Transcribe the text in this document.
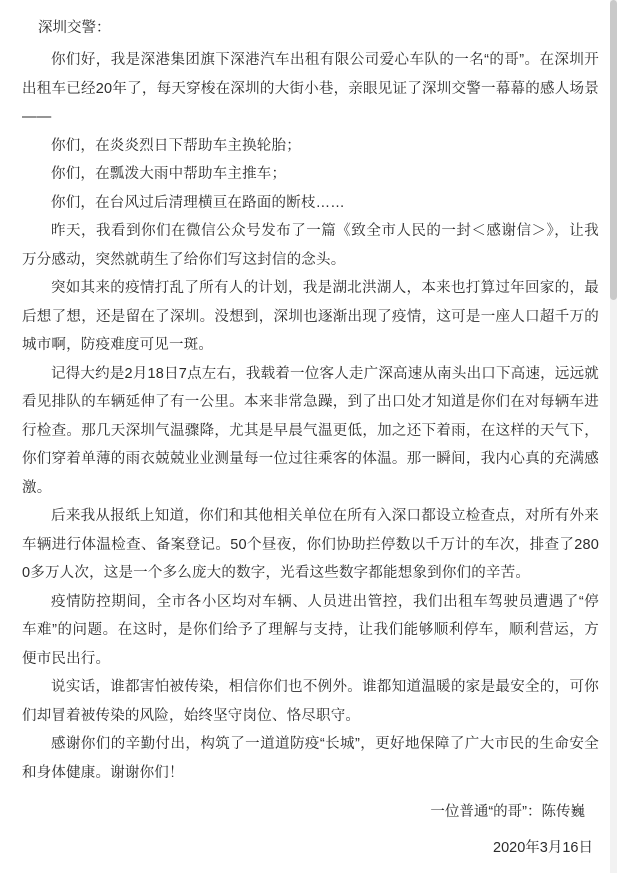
深圳交警：

你们好，我是深港集团旗下深港汽车出租有限公司爱心车队的一名“的哥”。在深圳开出租车已经20年了，每天穿梭在深圳的大街小巷，亲眼见证了深圳交警一幕幕的感人场景——

你们，在炎炎烈日下帮助车主换轮胎；

你们，在瓢泼大雨中帮助车主推车；

你们，在台风过后清理横亘在路面的断枝……

昨天，我看到你们在微信公众号发布了一篇《致全市人民的一封＜感谢信＞》，让我万分感动，突然就萌生了给你们写这封信的念头。

突如其来的疫情打乱了所有人的计划，我是湖北洪湖人，本来也打算过年回家的，最后想了想，还是留在了深圳。没想到，深圳也逐渐出现了疫情，这可是一座人口超千万的城市啊，防疫难度可见一斑。

记得大约是2月18日7点左右，我载着一位客人走广深高速从南头出口下高速，远远就看见排队的车辆延伸了有一公里。本来非常急躁，到了出口处才知道是你们在对每辆车进行检查。那几天深圳气温骤降，尤其是早晨气温更低，加之还下着雨，在这样的天气下，你们穿着单薄的雨衣兢兢业业测量每一位过往乘客的体温。那一瞬间，我内心真的充满感激。

后来我从报纸上知道，你们和其他相关单位在所有入深口都设立检查点，对所有外来车辆进行体温检查、备案登记。50个昼夜，你们协助拦停数以千万计的车次，排查了2800多万人次，这是一个多么庞大的数字，光看这些数字都能想象到你们的辛苦。

疫情防控期间，全市各小区均对车辆、人员进出管控，我们出租车驾驶员遭遇了“停车难”的问题。在这时，是你们给予了理解与支持，让我们能够顺利停车，顺利营运，方便市民出行。

说实话，谁都害怕被传染，相信你们也不例外。谁都知道温暖的家是最安全的，可你们却冒着被传染的风险，始终坚守岗位、恪尽职守。

感谢你们的辛勤付出，构筑了一道道防疫“长城”，更好地保障了广大市民的生命安全和身体健康。谢谢你们！

一位普通“的哥”：陈传巍
2020年3月16日
